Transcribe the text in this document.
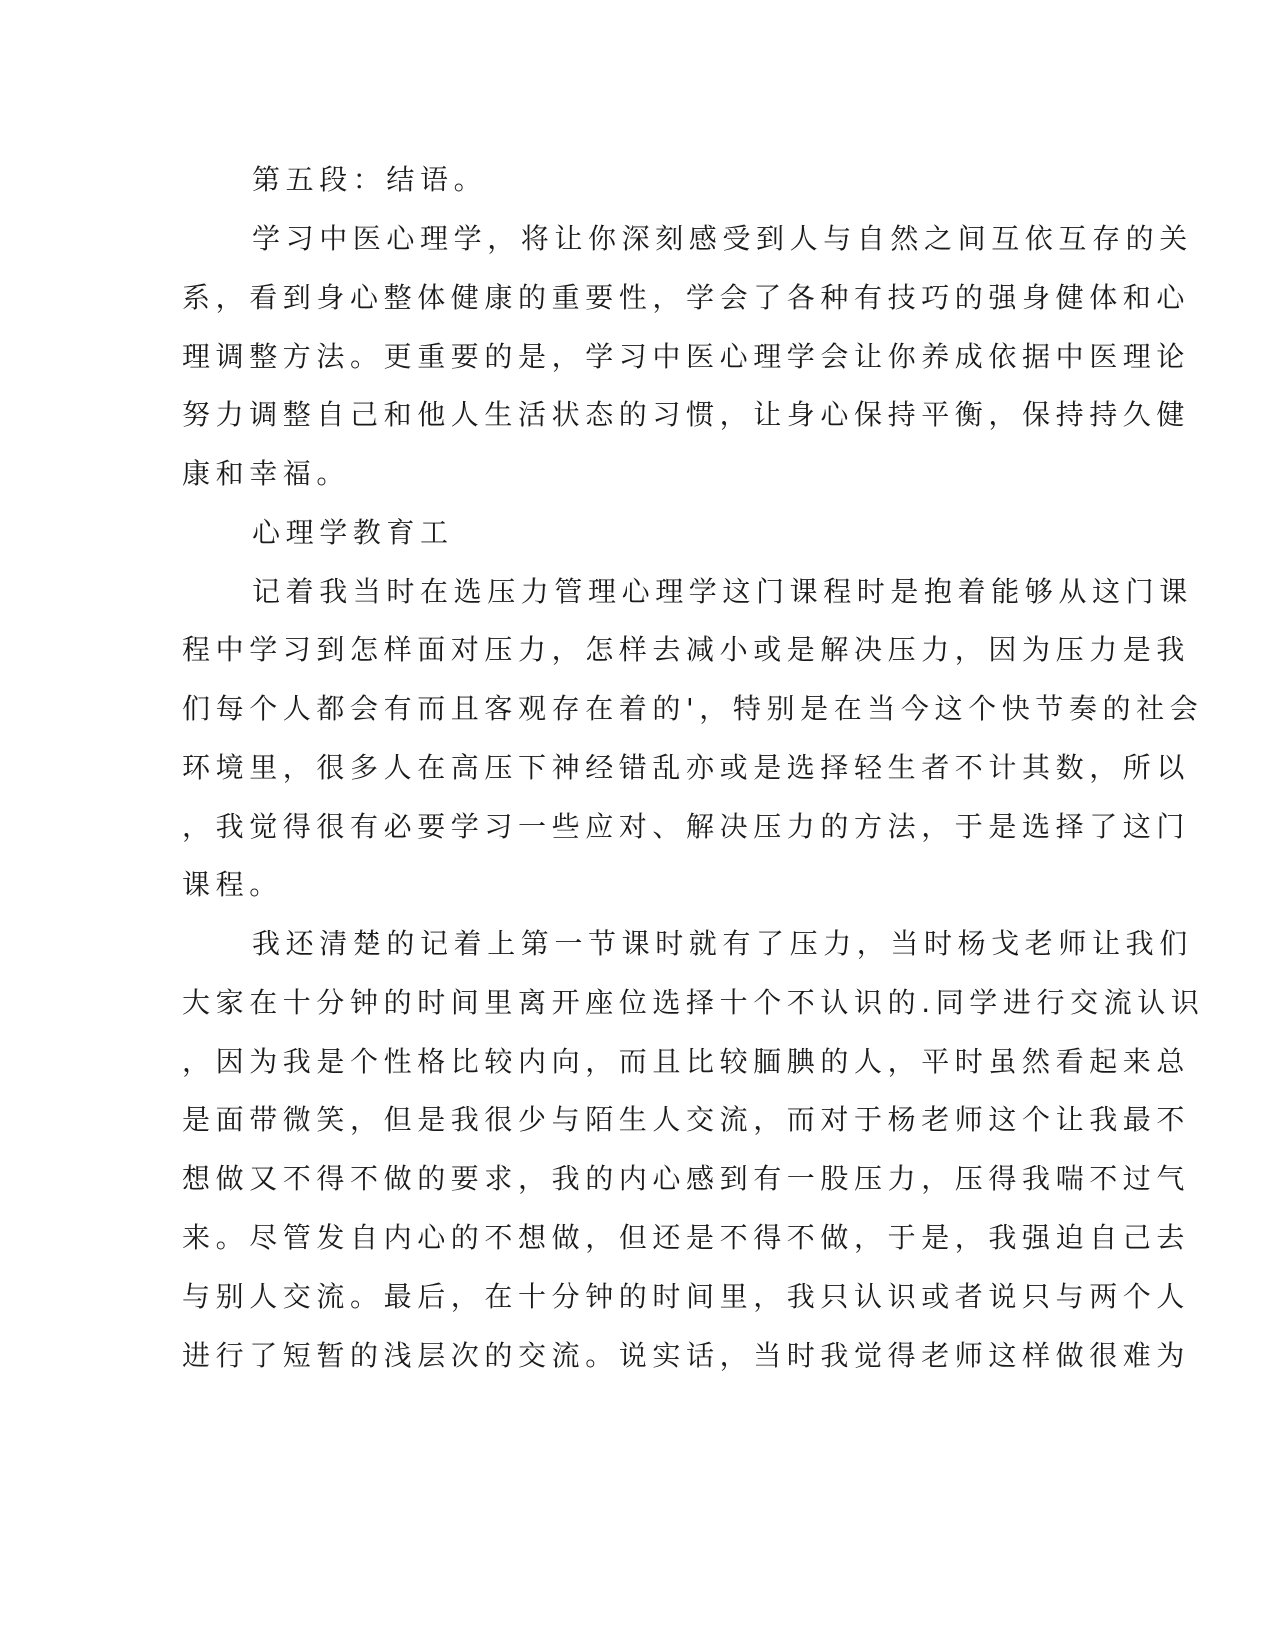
第五段：结语。
学习中医心理学，将让你深刻感受到人与自然之间互依互存的关
系，看到身心整体健康的重要性，学会了各种有技巧的强身健体和心
理调整方法。更重要的是，学习中医心理学会让你养成依据中医理论
努力调整自己和他人生活状态的习惯，让身心保持平衡，保持持久健
康和幸福。
心理学教育工
记着我当时在选压力管理心理学这门课程时是抱着能够从这门课
程中学习到怎样面对压力，怎样去减小或是解决压力，因为压力是我
们每个人都会有而且客观存在着的'，特别是在当今这个快节奏的社会
环境里，很多人在高压下神经错乱亦或是选择轻生者不计其数，所以
，我觉得很有必要学习一些应对、解决压力的方法，于是选择了这门
课程。
我还清楚的记着上第一节课时就有了压力，当时杨戈老师让我们
大家在十分钟的时间里离开座位选择十个不认识的.同学进行交流认识
，因为我是个性格比较内向，而且比较腼腆的人，平时虽然看起来总
是面带微笑，但是我很少与陌生人交流，而对于杨老师这个让我最不
想做又不得不做的要求，我的内心感到有一股压力，压得我喘不过气
来。尽管发自内心的不想做，但还是不得不做，于是，我强迫自己去
与别人交流。最后，在十分钟的时间里，我只认识或者说只与两个人
进行了短暂的浅层次的交流。说实话，当时我觉得老师这样做很难为
